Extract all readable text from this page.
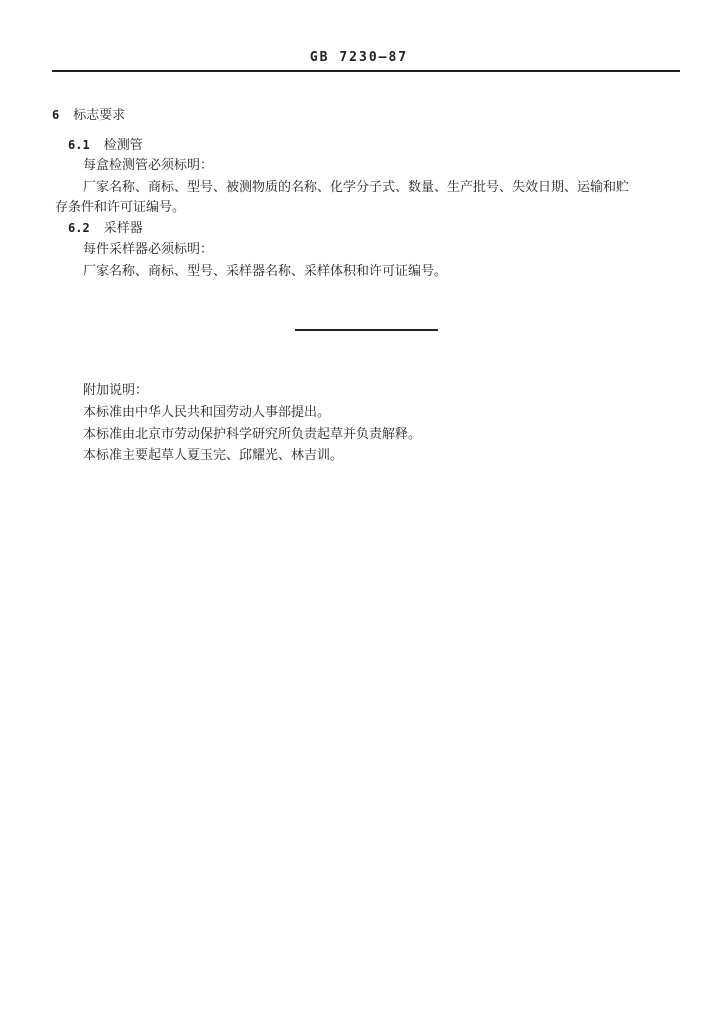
GB 7230—87
6 标志要求
6.1 检测管
每盒检测管必须标明：
厂家名称、商标、型号、被测物质的名称、化学分子式、数量、生产批号、失效日期、运输和贮
存条件和许可证编号。
6.2 采样器
每件采样器必须标明：
厂家名称、商标、型号、采样器名称、采样体积和许可证编号。
附加说明：
本标准由中华人民共和国劳动人事部提出。
本标准由北京市劳动保护科学研究所负责起草并负责解释。
本标准主要起草人夏玉完、邱耀光、林吉训。
